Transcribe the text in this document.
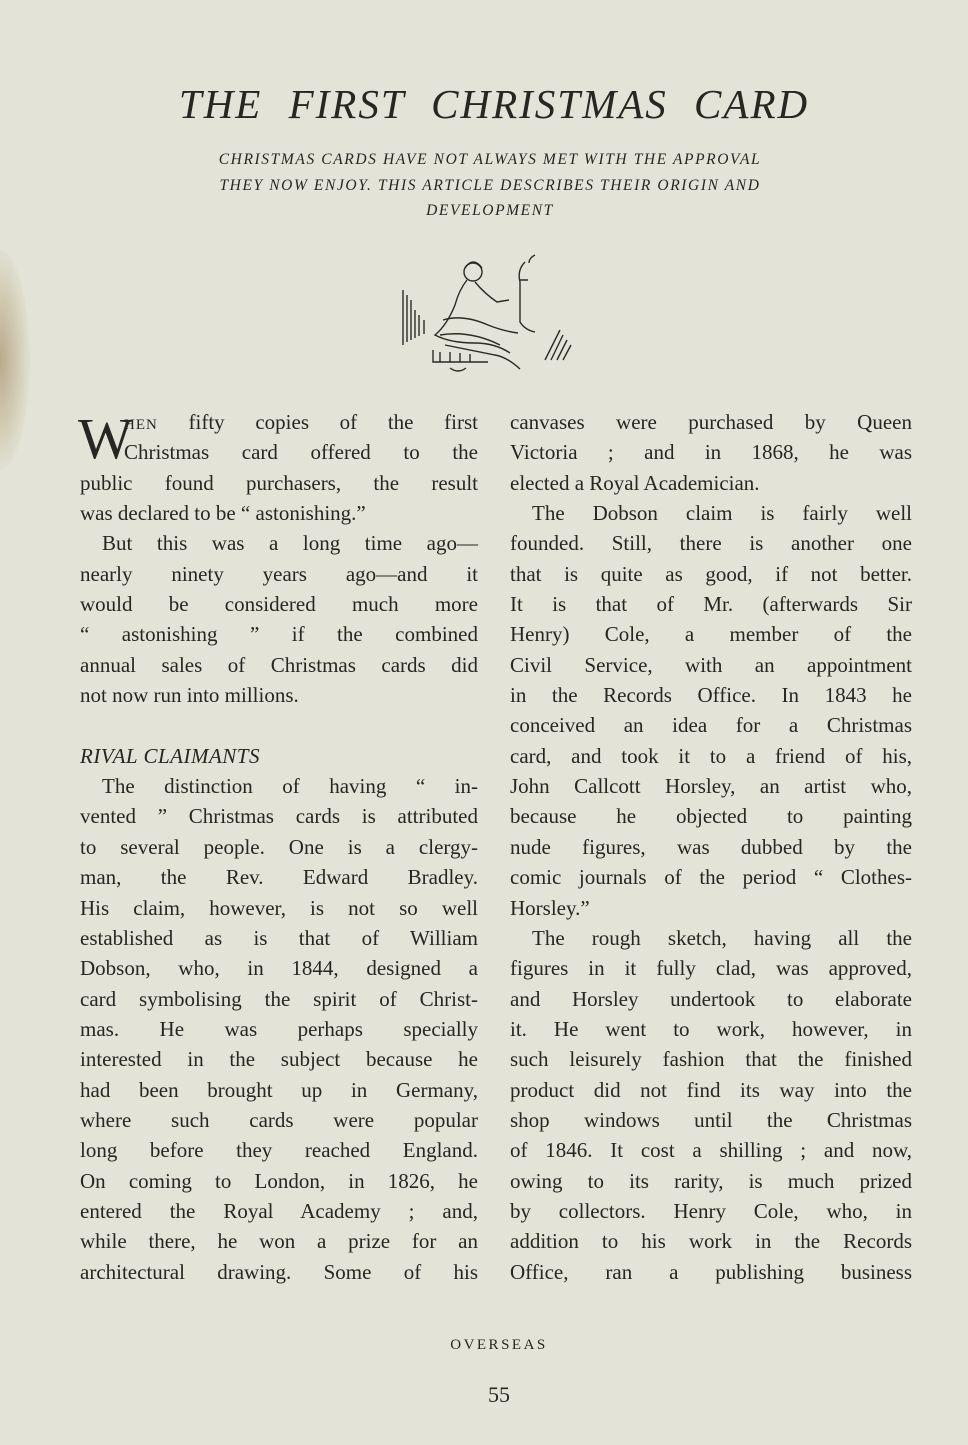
THE FIRST CHRISTMAS CARD
CHRISTMAS CARDS HAVE NOT ALWAYS MET WITH THE APPROVAL
THEY NOW ENJOY. THIS ARTICLE DESCRIBES THEIR ORIGIN AND
DEVELOPMENT
W
HEN fifty copies of the first
Christmas card offered to the
public found purchasers, the result
was declared to be “ astonishing.”
But this was a long time ago—
nearly ninety years ago—and it
would be considered much more
“ astonishing ” if the combined
annual sales of Christmas cards did
not now run into millions.
RIVAL CLAIMANTS
The distinction of having “ in-
vented ” Christmas cards is attributed
to several people. One is a clergy-
man, the Rev. Edward Bradley.
His claim, however, is not so well
established as is that of William
Dobson, who, in 1844, designed a
card symbolising the spirit of Christ-
mas. He was perhaps specially
interested in the subject because he
had been brought up in Germany,
where such cards were popular
long before they reached England.
On coming to London, in 1826, he
entered the Royal Academy ; and,
while there, he won a prize for an
architectural drawing. Some of his
canvases were purchased by Queen
Victoria ; and in 1868, he was
elected a Royal Academician.
The Dobson claim is fairly well
founded. Still, there is another one
that is quite as good, if not better.
It is that of Mr. (afterwards Sir
Henry) Cole, a member of the
Civil Service, with an appointment
in the Records Office. In 1843 he
conceived an idea for a Christmas
card, and took it to a friend of his,
John Callcott Horsley, an artist who,
because he objected to painting
nude figures, was dubbed by the
comic journals of the period “ Clothes-
Horsley.”
The rough sketch, having all the
figures in it fully clad, was approved,
and Horsley undertook to elaborate
it. He went to work, however, in
such leisurely fashion that the finished
product did not find its way into the
shop windows until the Christmas
of 1846. It cost a shilling ; and now,
owing to its rarity, is much prized
by collectors. Henry Cole, who, in
addition to his work in the Records
Office, ran a publishing business
OVERSEAS
55
